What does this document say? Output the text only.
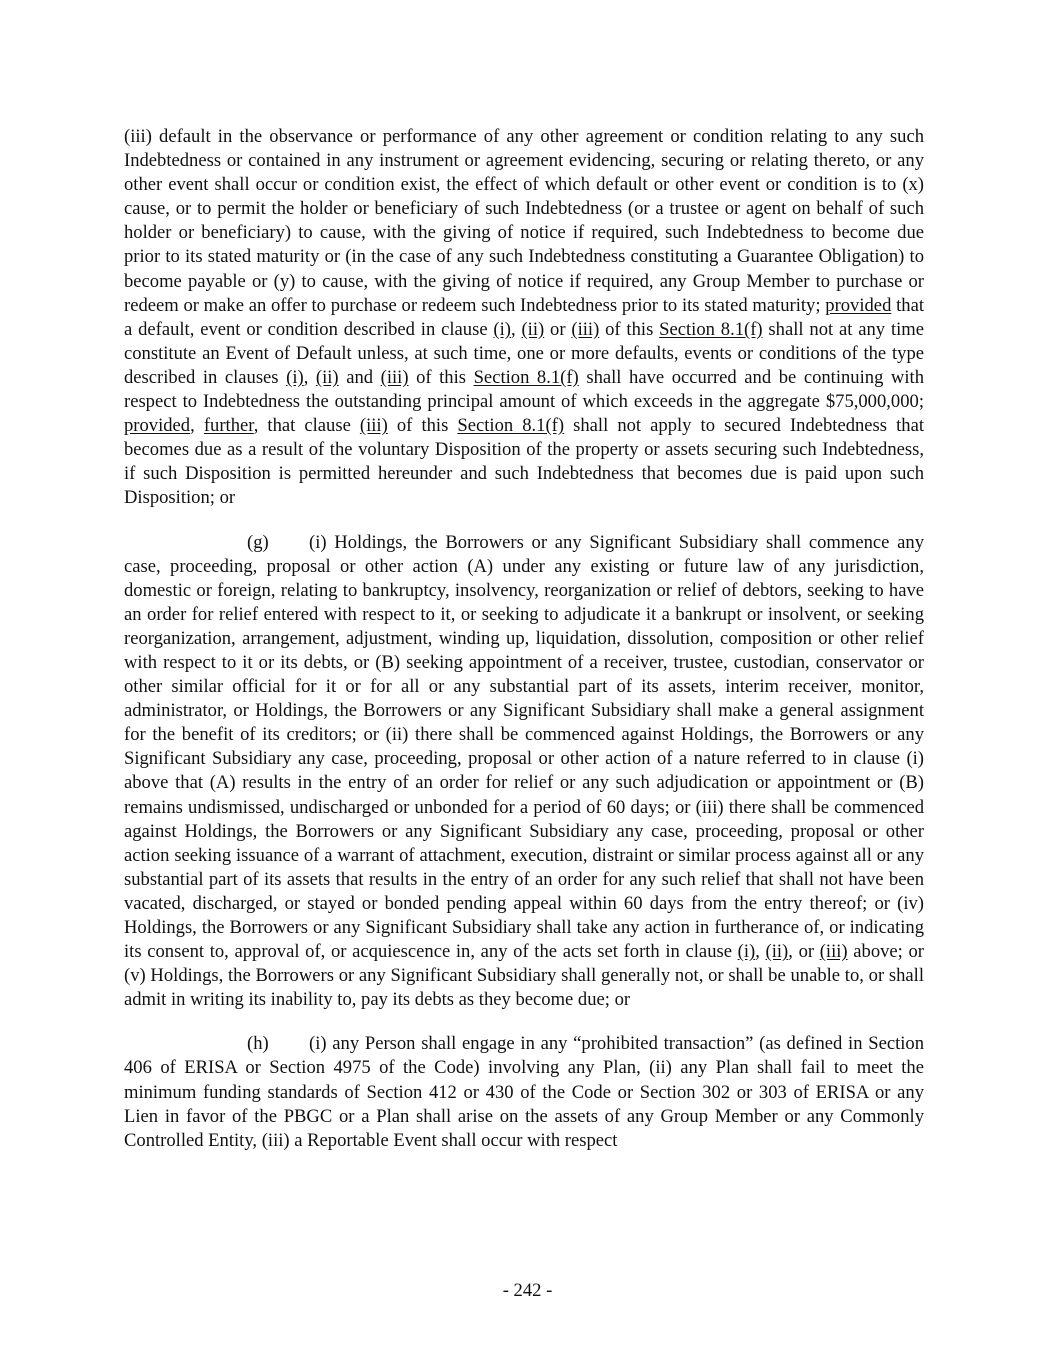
(iii) default in the observance or performance of any other agreement or condition relating to any such Indebtedness or contained in any instrument or agreement evidencing, securing or relating thereto, or any other event shall occur or condition exist, the effect of which default or other event or condition is to (x) cause, or to permit the holder or beneficiary of such Indebtedness (or a trustee or agent on behalf of such holder or beneficiary) to cause, with the giving of notice if required, such Indebtedness to become due prior to its stated maturity or (in the case of any such Indebtedness constituting a Guarantee Obligation) to become payable or (y) to cause, with the giving of notice if required, any Group Member to purchase or redeem or make an offer to purchase or redeem such Indebtedness prior to its stated maturity; provided that a default, event or condition described in clause (i), (ii) or (iii) of this Section 8.1(f) shall not at any time constitute an Event of Default unless, at such time, one or more defaults, events or conditions of the type described in clauses (i), (ii) and (iii) of this Section 8.1(f) shall have occurred and be continuing with respect to Indebtedness the outstanding principal amount of which exceeds in the aggregate $75,000,000; provided, further, that clause (iii) of this Section 8.1(f) shall not apply to secured Indebtedness that becomes due as a result of the voluntary Disposition of the property or assets securing such Indebtedness, if such Disposition is permitted hereunder and such Indebtedness that becomes due is paid upon such Disposition; or

(g) (i) Holdings, the Borrowers or any Significant Subsidiary shall commence any case, proceeding, proposal or other action (A) under any existing or future law of any jurisdiction, domestic or foreign, relating to bankruptcy, insolvency, reorganization or relief of debtors, seeking to have an order for relief entered with respect to it, or seeking to adjudicate it a bankrupt or insolvent, or seeking reorganization, arrangement, adjustment, winding up, liquidation, dissolution, composition or other relief with respect to it or its debts, or (B) seeking appointment of a receiver, trustee, custodian, conservator or other similar official for it or for all or any substantial part of its assets, interim receiver, monitor, administrator, or Holdings, the Borrowers or any Significant Subsidiary shall make a general assignment for the benefit of its creditors; or (ii) there shall be commenced against Holdings, the Borrowers or any Significant Subsidiary any case, proceeding, proposal or other action of a nature referred to in clause (i) above that (A) results in the entry of an order for relief or any such adjudication or appointment or (B) remains undismissed, undischarged or unbonded for a period of 60 days; or (iii) there shall be commenced against Holdings, the Borrowers or any Significant Subsidiary any case, proceeding, proposal or other action seeking issuance of a warrant of attachment, execution, distraint or similar process against all or any substantial part of its assets that results in the entry of an order for any such relief that shall not have been vacated, discharged, or stayed or bonded pending appeal within 60 days from the entry thereof; or (iv) Holdings, the Borrowers or any Significant Subsidiary shall take any action in furtherance of, or indicating its consent to, approval of, or acquiescence in, any of the acts set forth in clause (i), (ii), or (iii) above; or (v) Holdings, the Borrowers or any Significant Subsidiary shall generally not, or shall be unable to, or shall admit in writing its inability to, pay its debts as they become due; or

(h) (i) any Person shall engage in any “prohibited transaction” (as defined in Section 406 of ERISA or Section 4975 of the Code) involving any Plan, (ii) any Plan shall fail to meet the minimum funding standards of Section 412 or 430 of the Code or Section 302 or 303 of ERISA or any Lien in favor of the PBGC or a Plan shall arise on the assets of any Group Member or any Commonly Controlled Entity, (iii) a Reportable Event shall occur with respect

- 242 -
